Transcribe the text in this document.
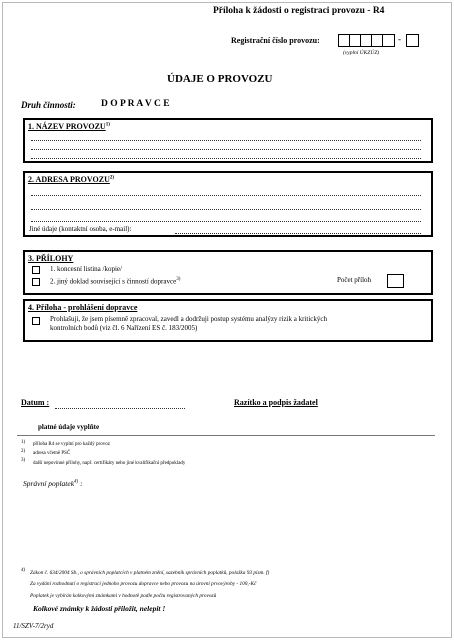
Příloha k žádosti o registraci provozu - R4
Registrační číslo provozu:	-
(vyplní ÚKZÚZ)
ÚDAJE O PROVOZU
Druh činnosti:	D O P R A V C E
1. NÁZEV PROVOZU$^{1)}$
2. ADRESA PROVOZU$^{2)}$
Jiné údaje (kontaktní osoba, e-mail):
3. PŘÍLOHY
1. koncesní listina /kopie/
2. jiný doklad související s činností dopravce$^{3)}$	Počet příloh
4. Příloha - prohlášení dopravce
Prohlašuji, že jsem písemně zpracoval, zavedl a dodržuji postup systému analýzy rizik a kritických
kontrolních bodů (viz čl. 6 Nařízení ES č. 183/2005)
Datum :	Razítko a podpis žadatel
platné údaje vyplňte
1) příloha R4 se vyplní pro každý provoz
2) adresa včetně PSČ
3)
další nepovinné přílohy, např. certifikáty nebo jiné kvalifikační předpoklady
Správní poplatek$^{4)}$ :
4) Zákon č. 634/2004 Sb., o správních poplatcích v platném znění, sazebník správních poplatků, položka 93 písm. f)
Za vydání rozhodnutí o registraci jednoho provozu dopravce nebo provozu na úrovni prvovýroby - 100,-Kč
Poplatek je vybírán kolkovými známkami v hodnotě podle počtu registrovaných provozů
Kolkové známky k žádosti přiložit, nelepit !
11/SZV-7/2ryd
